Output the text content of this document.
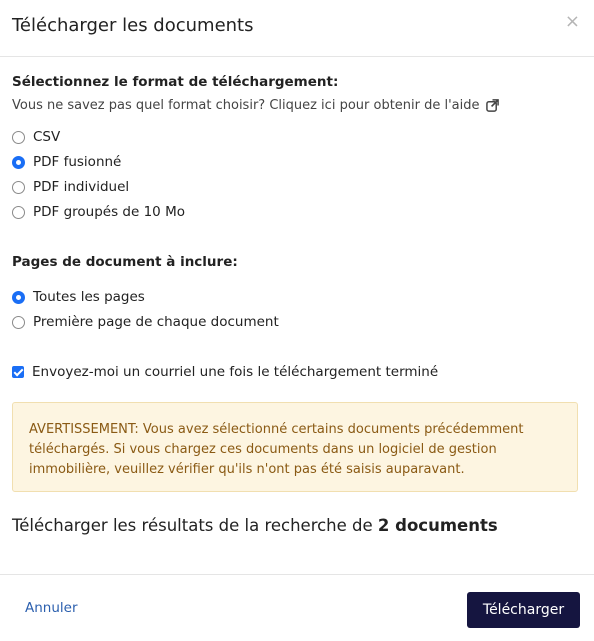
Télécharger les documents	×
Sélectionnez le format de téléchargement:
Vous ne savez pas quel format choisir? Cliquez ici pour obtenir de l'aide
CSV
PDF fusionné
PDF individuel
PDF groupés de 10 Mo
Pages de document à inclure:
Toutes les pages
Première page de chaque document
Envoyez-moi un courriel une fois le téléchargement terminé
AVERTISSEMENT: Vous avez sélectionné certains documents précédemment téléchargés. Si vous chargez ces documents dans un logiciel de gestion immobilière, veuillez vérifier qu'ils n'ont pas été saisis auparavant.
Télécharger les résultats de la recherche de 2 documents
Annuler	Télécharger
